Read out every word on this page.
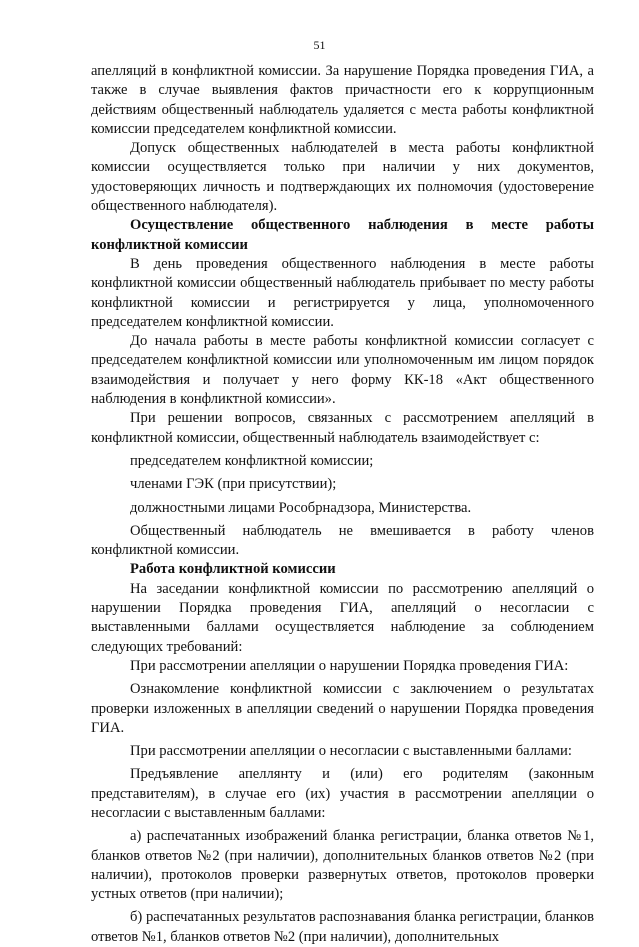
51
апелляций в конфликтной комиссии. За нарушение Порядка проведения ГИА, а также в случае выявления фактов причастности его к коррупционным действиям общественный наблюдатель удаляется с места работы конфликтной комиссии председателем конфликтной комиссии.
Допуск общественных наблюдателей в места работы конфликтной комиссии осуществляется только при наличии у них документов, удостоверяющих личность и подтверждающих их полномочия (удостоверение общественного наблюдателя).
Осуществление общественного наблюдения в месте работы конфликтной комиссии
В день проведения общественного наблюдения в месте работы конфликтной комиссии общественный наблюдатель прибывает по месту работы конфликтной комиссии и регистрируется у лица, уполномоченного председателем конфликтной комиссии.
До начала работы в месте работы конфликтной комиссии согласует с председателем конфликтной комиссии или уполномоченным им лицом порядок взаимодействия и получает у него форму КК-18 «Акт общественного наблюдения в конфликтной комиссии».
При решении вопросов, связанных с рассмотрением апелляций в конфликтной комиссии, общественный наблюдатель взаимодействует с:
председателем конфликтной комиссии;
членами ГЭК (при присутствии);
должностными лицами Рособрнадзора, Министерства.
Общественный наблюдатель не вмешивается в работу членов конфликтной комиссии.
Работа конфликтной комиссии
На заседании конфликтной комиссии по рассмотрению апелляций о нарушении Порядка проведения ГИА, апелляций о несогласии с выставленными баллами осуществляется наблюдение за соблюдением следующих требований:
При рассмотрении апелляции о нарушении Порядка проведения ГИА:
Ознакомление конфликтной комиссии с заключением о результатах проверки изложенных в апелляции сведений о нарушении Порядка проведения ГИА.
При рассмотрении апелляции о несогласии с выставленными баллами:
Предъявление апеллянту и (или) его родителям (законным представителям), в случае его (их) участия в рассмотрении апелляции о несогласии с выставленным баллами:
а) распечатанных изображений бланка регистрации, бланка ответов №1, бланков ответов №2 (при наличии), дополнительных бланков ответов №2 (при наличии), протоколов проверки развернутых ответов, протоколов проверки устных ответов (при наличии);
б) распечатанных результатов распознавания бланка регистрации, бланков ответов №1, бланков ответов №2 (при наличии), дополнительных
